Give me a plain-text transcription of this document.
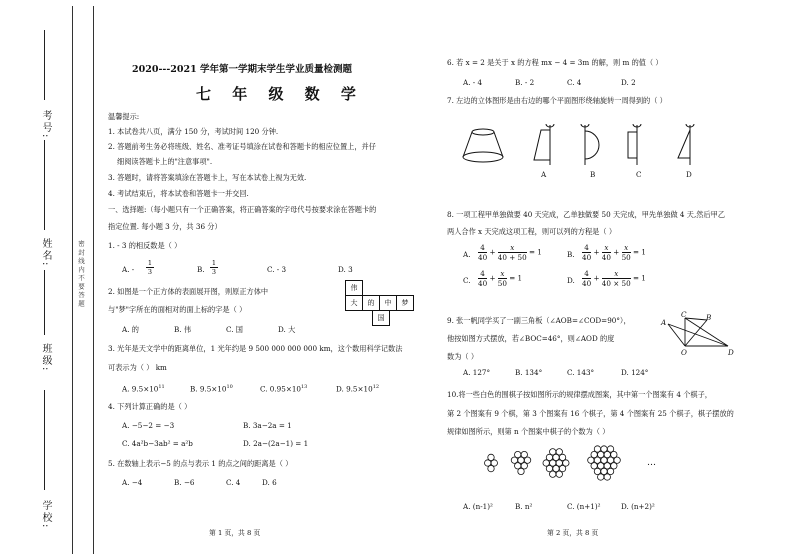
考号:
姓名:
班级:
学校:
密 封 线 内 不 要 答 题
2020---2021 学年第一学期末学生学业质量检测题
七 年 级 数 学
温馨提示:
1. 本试卷共八页，满分 150 分，考试时间 120 分钟.
2. 答题前考生务必将班级、姓名、准考证号填涂在试卷和答题卡的相应位置上，并仔
细阅读答题卡上的"注意事项".
3. 答题时，请将答案填涂在答题卡上，写在本试卷上视为无效.
4. 考试结束后，将本试卷和答题卡一并交回.
一、选择题:（每小题只有一个正确答案，将正确答案的字母代号按要求涂在答题卡的
指定位置. 每小题 3 分，共 36 分）
1. - 3 的相反数是（ ）
A. - $\frac{1}{3}$	B. $\frac{1}{3}$	C. - 3	D. 3
2. 如图是一个正方体的表面展开图，则原正方体中
与"梦"字所在的面相对的面上标的字是（ ）
A. 的	B. 伟	C. 国	D. 大
伟
大	的	中	梦
国
3. 光年是天文学中的距离单位，1 光年约是 9 500 000 000 000 km，这个数用科学记数法
可表示为（ ） km
A. $9.5\times 10^{11}$	B. $9.5\times 10^{10}$	C. $0.95\times 10^{13}$	D. $9.5\times 10^{12}$
4. 下列计算正确的是（ ）
A. −5−2 = −3	B. 3a−2a = 1
C. 4a²b−3ab² = a²b	D. 2a−(2a−1) = 1
5. 在数轴上表示−5 的点与表示 1 的点之间的距离是（ ）
A. −4	B. −6	C. 4	D. 6
第 1 页，共 8 页
6. 若 x = 2 是关于 x 的方程 mx − 4 = 3m 的解，则 m 的值（ ）
A. - 4	B. - 2	C. 4	D. 2
7. 左边的立体图形是由右边的哪个平面图形绕轴旋转一周得到的（ ）
A	B	C	D
8. 一项工程甲单独做要 40 天完成，乙单独做要 50 天完成，甲先单独做 4 天,然后甲乙
两人合作 x 天完成这项工程，则可以列的方程是（ ）
A. $\frac{4}{40} + \frac{x}{40 + 50} = 1$	B. $\frac{4}{40} + \frac{x}{40} + \frac{x}{50} = 1$
C. $\frac{4}{40} + \frac{x}{50} = 1$	D. $\frac{4}{40} + \frac{x}{40 \times 50} = 1$
9. 张一帆同学买了一副三角板（∠AOB=∠COD=90°），
他按如图方式摆放，若∠BOC=46°，则∠AOD 的度
数为（ ）
A. 127°	B. 134°	C. 143°	D. 124°
A
C	B
O	D
10.将一些白色的围棋子按如图所示的规律摆成图案，其中第一个图案有 4 个棋子，
第 2 个图案有 9 个棋，第 3 个图案有 16 个棋子，第 4 个图案有 25 个棋子，棋子摆放的
规律如图所示，则第 n 个图案中棋子的个数为（ ）
…
A. (n-1)²	B. n²	C. (n+1)²	D. (n+2)²
第 2 页，共 8 页
